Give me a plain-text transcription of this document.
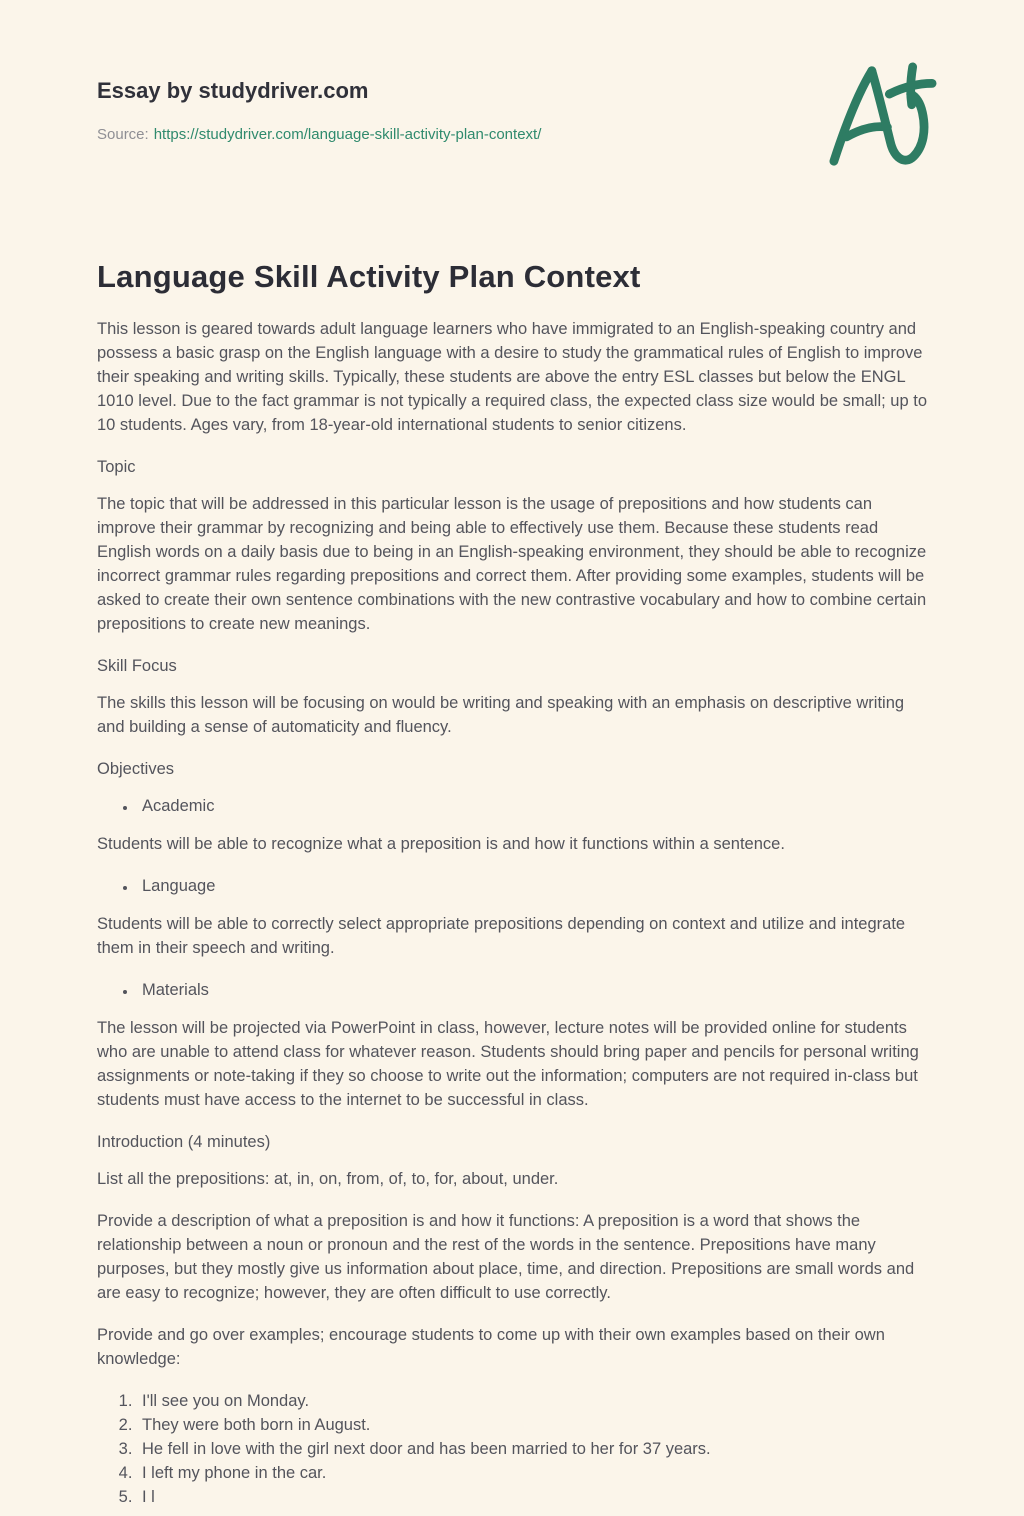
Essay by studydriver.com
Source: https://studydriver.com/language-skill-activity-plan-context/
Language Skill Activity Plan Context

This lesson is geared towards adult language learners who have immigrated to an English-speaking country and possess a basic grasp on the English language with a desire to study the grammatical rules of English to improve their speaking and writing skills. Typically, these students are above the entry ESL classes but below the ENGL 1010 level. Due to the fact grammar is not typically a required class, the expected class size would be small; up to 10 students. Ages vary, from 18-year-old international students to senior citizens.

Topic

The topic that will be addressed in this particular lesson is the usage of prepositions and how students can improve their grammar by recognizing and being able to effectively use them. Because these students read English words on a daily basis due to being in an English-speaking environment, they should be able to recognize incorrect grammar rules regarding prepositions and correct them. After providing some examples, students will be asked to create their own sentence combinations with the new contrastive vocabulary and how to combine certain prepositions to create new meanings.

Skill Focus

The skills this lesson will be focusing on would be writing and speaking with an emphasis on descriptive writing and building a sense of automaticity and fluency.

Objectives

• Academic

Students will be able to recognize what a preposition is and how it functions within a sentence.

• Language

Students will be able to correctly select appropriate prepositions depending on context and utilize and integrate them in their speech and writing.

• Materials

The lesson will be projected via PowerPoint in class, however, lecture notes will be provided online for students who are unable to attend class for whatever reason. Students should bring paper and pencils for personal writing assignments or note-taking if they so choose to write out the information; computers are not required in-class but students must have access to the internet to be successful in class.

Introduction (4 minutes)

List all the prepositions: at, in, on, from, of, to, for, about, under.

Provide a description of what a preposition is and how it functions: A preposition is a word that shows the relationship between a noun or pronoun and the rest of the words in the sentence. Prepositions have many purposes, but they mostly give us information about place, time, and direction. Prepositions are small words and are easy to recognize; however, they are often difficult to use correctly.

Provide and go over examples; encourage students to come up with their own examples based on their own knowledge:

1. I'll see you on Monday.
2. They were both born in August.
3. He fell in love with the girl next door and has been married to her for 37 years.
4. I left my phone in the car.
5. I l
